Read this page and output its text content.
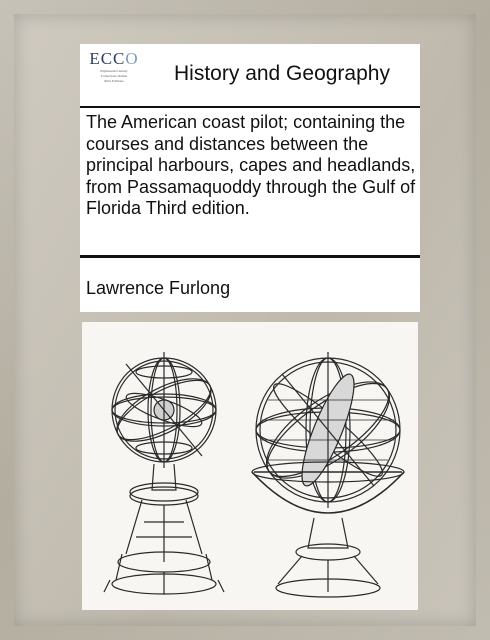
ECCO
Eighteenth Century
Collections Online
Print Editions	History and Geography
The American coast pilot; containing the courses and distances between the principal harbours, capes and headlands, from Passamaquoddy through the Gulf of Florida Third edition.
Lawrence Furlong
